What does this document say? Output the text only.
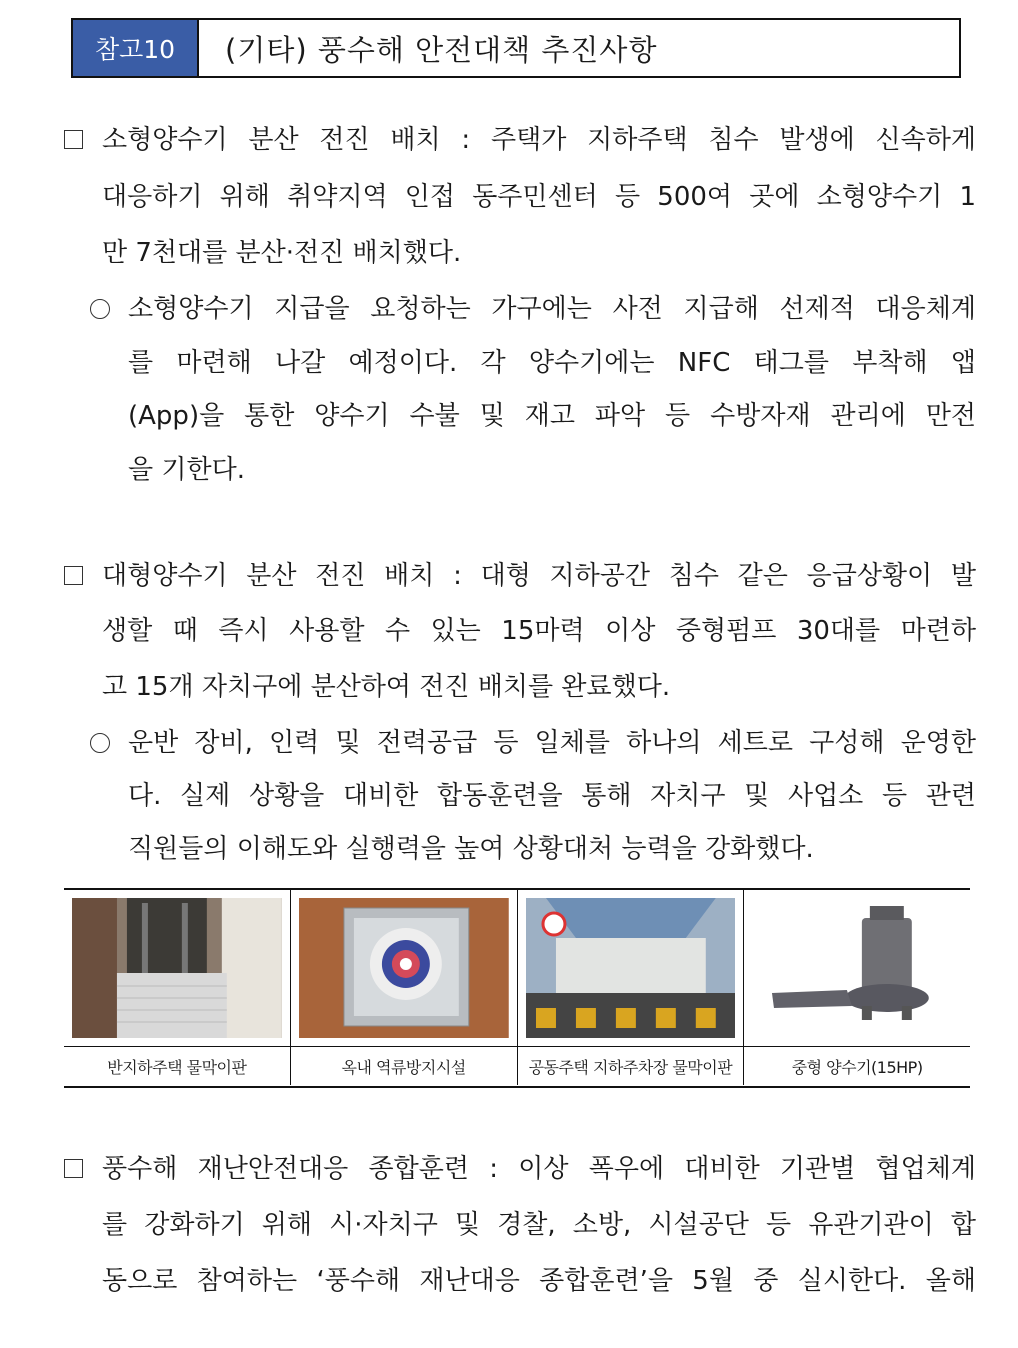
참고10	(기타) 풍수해 안전대책 추진사항
소형양수기 분산 전진 배치 : 주택가 지하주택 침수 발생에 신속하게
대응하기 위해 취약지역 인접 동주민센터 등 500여 곳에 소형양수기 1
만 7천대를 분산·전진 배치했다.
소형양수기 지급을 요청하는 가구에는 사전 지급해 선제적 대응체계
를 마련해 나갈 예정이다. 각 양수기에는 NFC 태그를 부착해 앱
(App)을 통한 양수기 수불 및 재고 파악 등 수방자재 관리에 만전
을 기한다.
대형양수기 분산 전진 배치 : 대형 지하공간 침수 같은 응급상황이 발
생할 때 즉시 사용할 수 있는 15마력 이상 중형펌프 30대를 마련하
고 15개 자치구에 분산하여 전진 배치를 완료했다.
운반 장비, 인력 및 전력공급 등 일체를 하나의 세트로 구성해 운영한
다. 실제 상황을 대비한 합동훈련을 통해 자치구 및 사업소 등 관련
직원들의 이해도와 실행력을 높여 상황대처 능력을 강화했다.
반지하주택 물막이판	옥내 역류방지시설	공동주택 지하주차장 물막이판	중형 양수기(15HP)
풍수해 재난안전대응 종합훈련 : 이상 폭우에 대비한 기관별 협업체계
를 강화하기 위해 시·자치구 및 경찰, 소방, 시설공단 등 유관기관이 합
동으로 참여하는 ‘풍수해 재난대응 종합훈련’을 5월 중 실시한다. 올해
